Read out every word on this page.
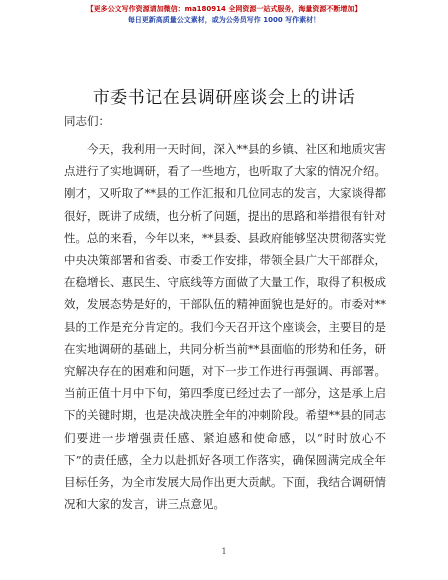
【更多公文写作资源请加微信：ma180914 全网资源一站式服务，海量资源不断增加】
每日更新高质量公文素材，或为公务员写作 1000 写作素材！
市委书记在县调研座谈会上的讲话
同志们：

今天，我利用一天时间，深入**县的乡镇、社区和地质灾害点进行了实地调研，看了一些地方，也听取了大家的情况介绍。刚才，又听取了**县的工作汇报和几位同志的发言，大家谈得都很好，既讲了成绩，也分析了问题，提出的思路和举措很有针对性。总的来看，今年以来，**县委、县政府能够坚决贯彻落实党中央决策部署和省委、市委工作安排，带领全县广大干部群众，在稳增长、惠民生、守底线等方面做了大量工作，取得了积极成效，发展态势是好的，干部队伍的精神面貌也是好的。市委对**县的工作是充分肯定的。我们今天召开这个座谈会，主要目的是在实地调研的基础上，共同分析当前**县面临的形势和任务，研究解决存在的困难和问题，对下一步工作进行再强调、再部署。当前正值十月中下旬，第四季度已经过去了一部分，这是承上启下的关键时期，也是决战决胜全年的冲刺阶段。希望**县的同志们要进一步增强责任感、紧迫感和使命感，以“时时放心不下”的责任感，全力以赴抓好各项工作落实，确保圆满完成全年目标任务，为全市发展大局作出更大贡献。下面，我结合调研情况和大家的发言，讲三点意见。

1
